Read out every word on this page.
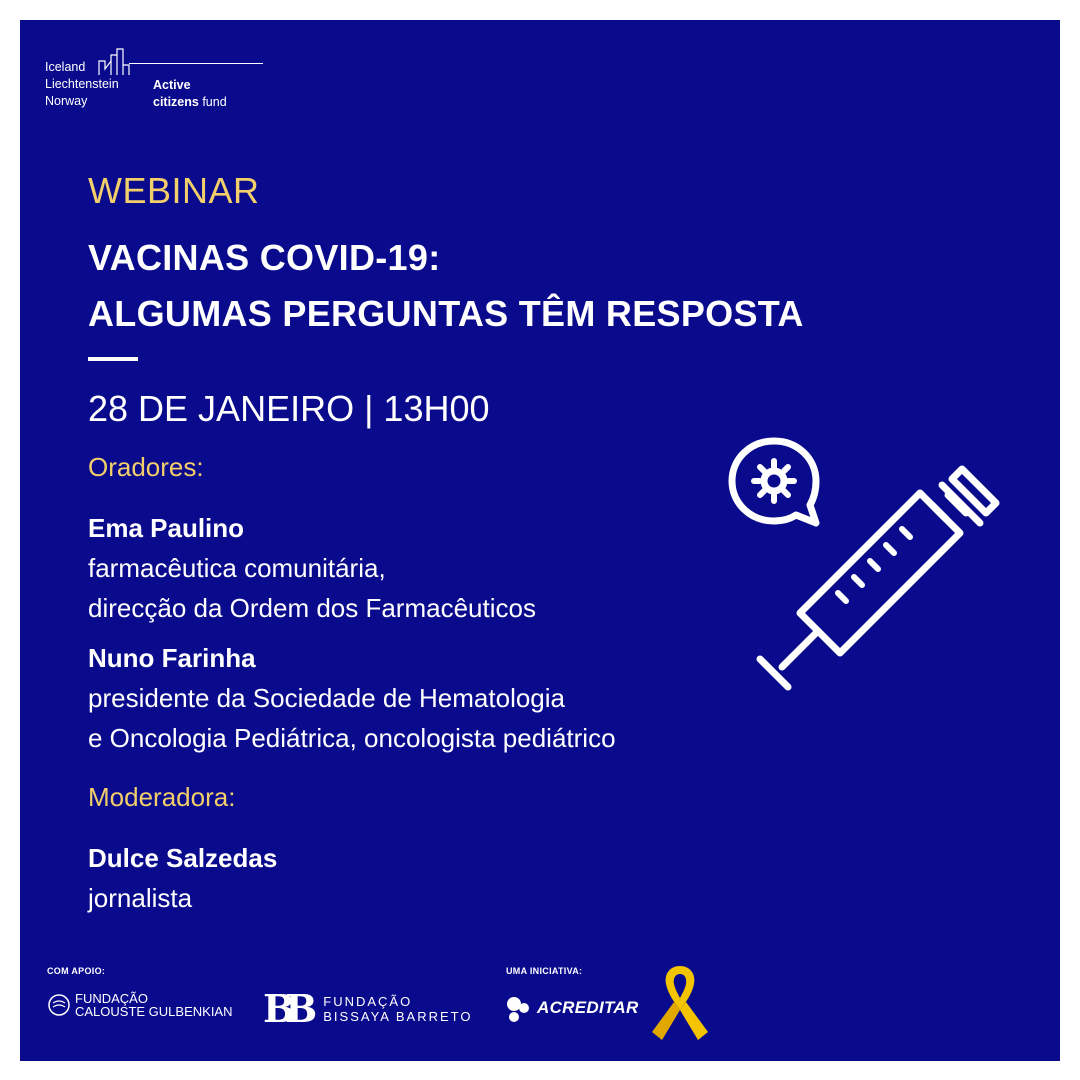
Iceland
Liechtenstein
Norway
Active
citizens fund
WEBINAR
VACINAS COVID-19:
ALGUMAS PERGUNTAS TÊM RESPOSTA
28 DE JANEIRO | 13H00
Oradores:
Ema Paulino
farmacêutica comunitária,
direcção da Ordem dos Farmacêuticos
Nuno Farinha
presidente da Sociedade de Hematologia
e Oncologia Pediátrica, oncologista pediátrico
Moderadora:
Dulce Salzedas
jornalista
COM APOIO:	UMA INICIATIVA:
FUNDAÇÃO
CALOUSTE GULBENKIAN BB FUNDAÇÃO
BISSAYA BARRETO	ACREDITAR
